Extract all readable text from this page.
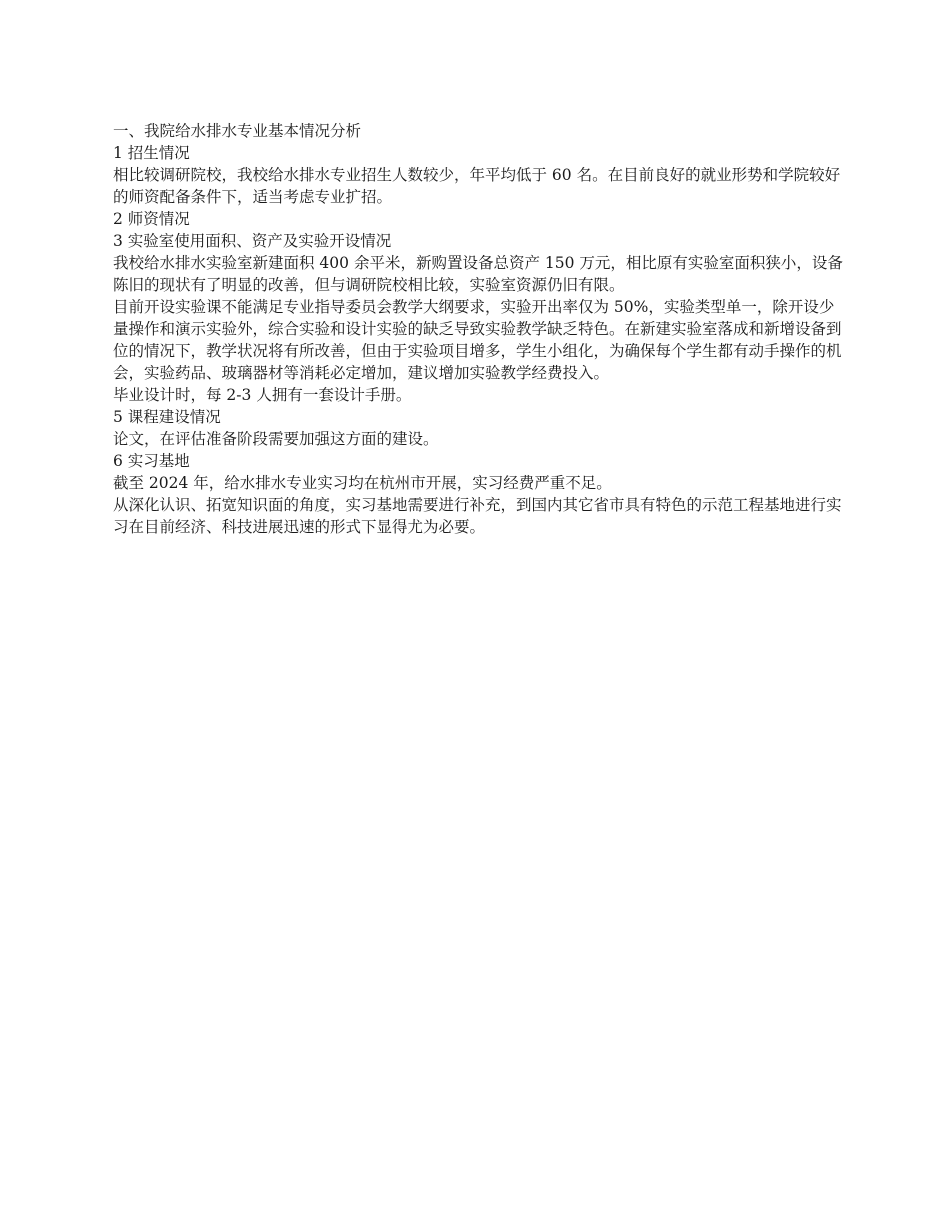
一、我院给水排水专业基本情况分析

1 招生情况

相比较调研院校，我校给水排水专业招生人数较少，年平均低于 60 名。在目前良好的就业形势和学院较好的师资配备条件下，适当考虑专业扩招。

2 师资情况

3 实验室使用面积、资产及实验开设情况

我校给水排水实验室新建面积 400 余平米，新购置设备总资产 150 万元，相比原有实验室面积狭小，设备陈旧的现状有了明显的改善，但与调研院校相比较，实验室资源仍旧有限。

目前开设实验课不能满足专业指导委员会教学大纲要求，实验开出率仅为 50%，实验类型单一，除开设少量操作和演示实验外，综合实验和设计实验的缺乏导致实验教学缺乏特色。在新建实验室落成和新增设备到位的情况下，教学状况将有所改善，但由于实验项目增多，学生小组化，为确保每个学生都有动手操作的机会，实验药品、玻璃器材等消耗必定增加，建议增加实验教学经费投入。

毕业设计时，每 2-3 人拥有一套设计手册。

5 课程建设情况

论文，在评估准备阶段需要加强这方面的建设。

6 实习基地

截至 2024 年，给水排水专业实习均在杭州市开展，实习经费严重不足。

从深化认识、拓宽知识面的角度，实习基地需要进行补充，到国内其它省市具有特色的示范工程基地进行实习在目前经济、科技进展迅速的形式下显得尤为必要。
